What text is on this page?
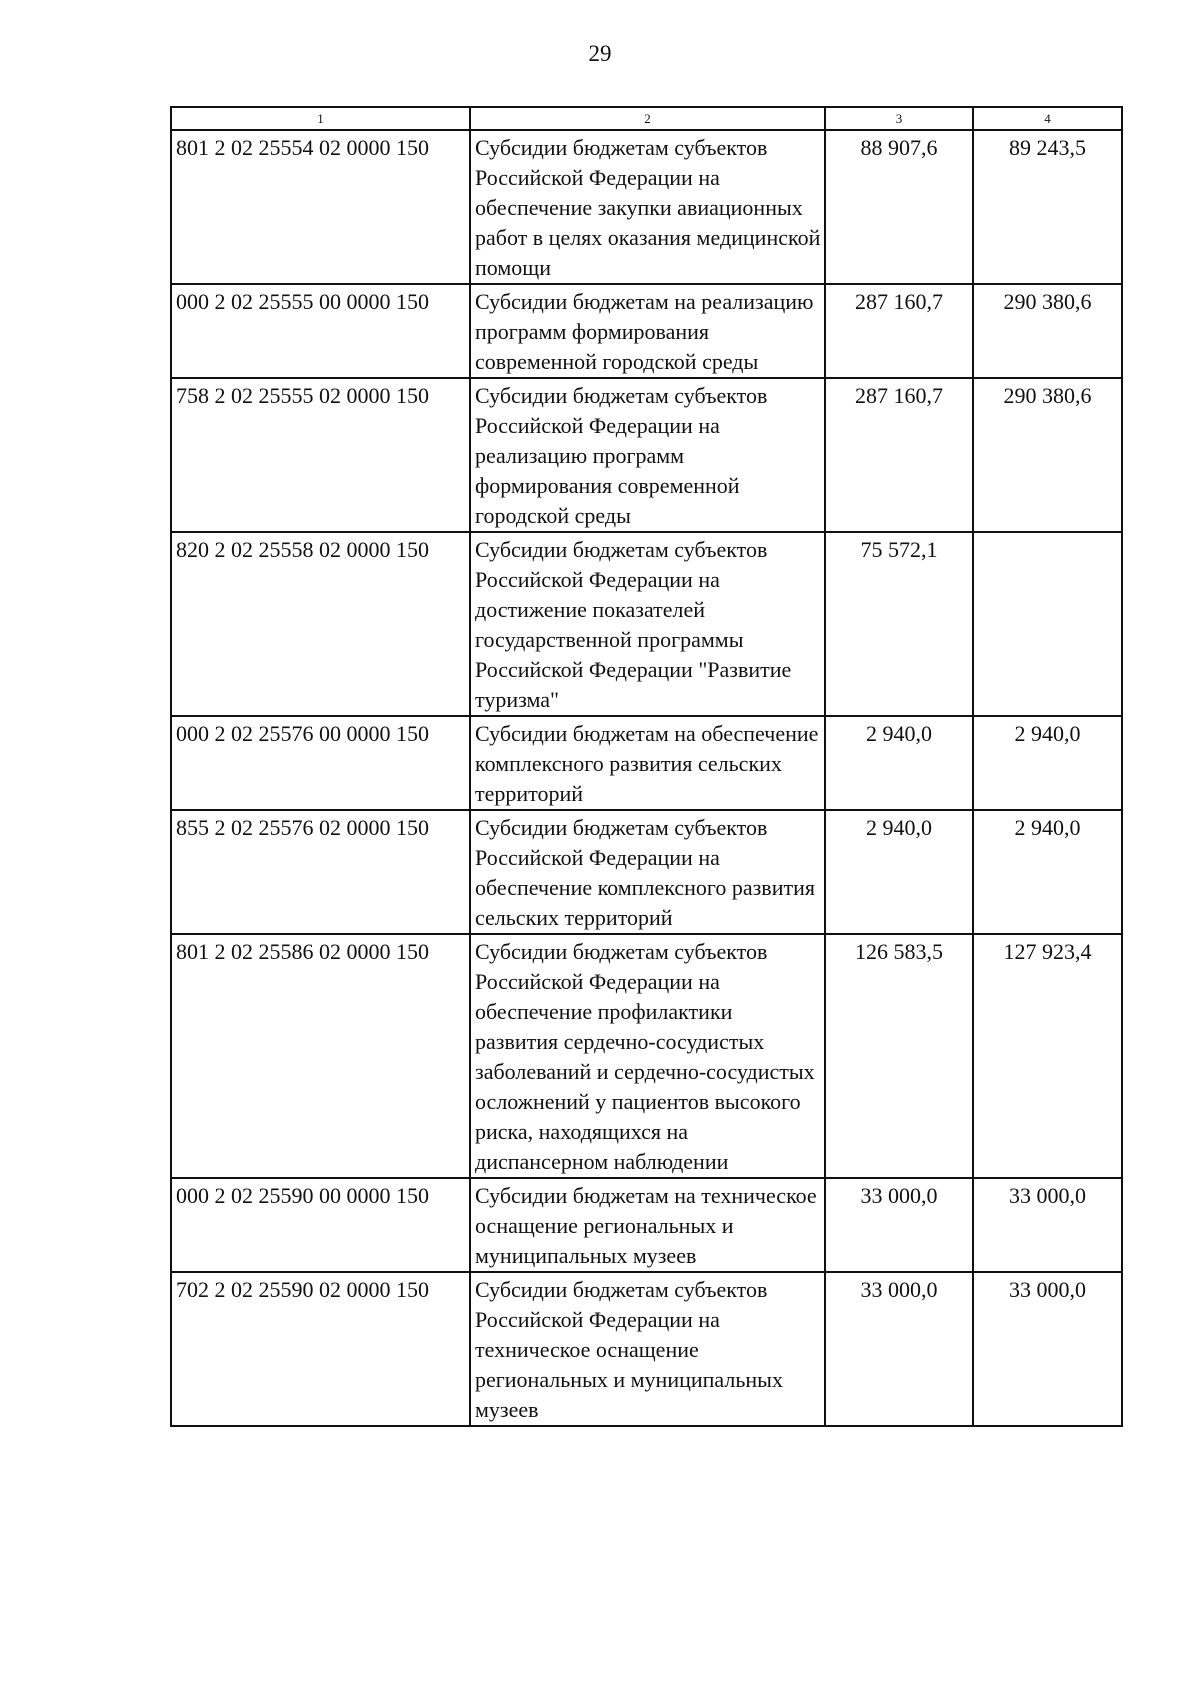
29
1	2	3	4
801 2 02 25554 02 0000 150	Субсидии бюджетам субъектов Российской Федерации на обеспечение закупки авиационных работ в целях оказания медицинской помощи	88 907,6	89 243,5
000 2 02 25555 00 0000 150	Субсидии бюджетам на реализацию программ формирования современной городской среды	287 160,7	290 380,6
758 2 02 25555 02 0000 150	Субсидии бюджетам субъектов Российской Федерации на реализацию программ формирования современной городской среды	287 160,7	290 380,6
820 2 02 25558 02 0000 150	Субсидии бюджетам субъектов Российской Федерации на достижение показателей государственной программы Российской Федерации "Развитие туризма"	75 572,1	
000 2 02 25576 00 0000 150	Субсидии бюджетам на обеспечение комплексного развития сельских территорий	2 940,0	2 940,0
855 2 02 25576 02 0000 150	Субсидии бюджетам субъектов Российской Федерации на обеспечение комплексного развития сельских территорий	2 940,0	2 940,0
801 2 02 25586 02 0000 150	Субсидии бюджетам субъектов Российской Федерации на обеспечение профилактики развития сердечно-сосудистых заболеваний и сердечно-сосудистых осложнений у пациентов высокого риска, находящихся на диспансерном наблюдении	126 583,5	127 923,4
000 2 02 25590 00 0000 150	Субсидии бюджетам на техническое оснащение региональных и муниципальных музеев	33 000,0	33 000,0
702 2 02 25590 02 0000 150	Субсидии бюджетам субъектов Российской Федерации на техническое оснащение региональных и муниципальных музеев	33 000,0	33 000,0
